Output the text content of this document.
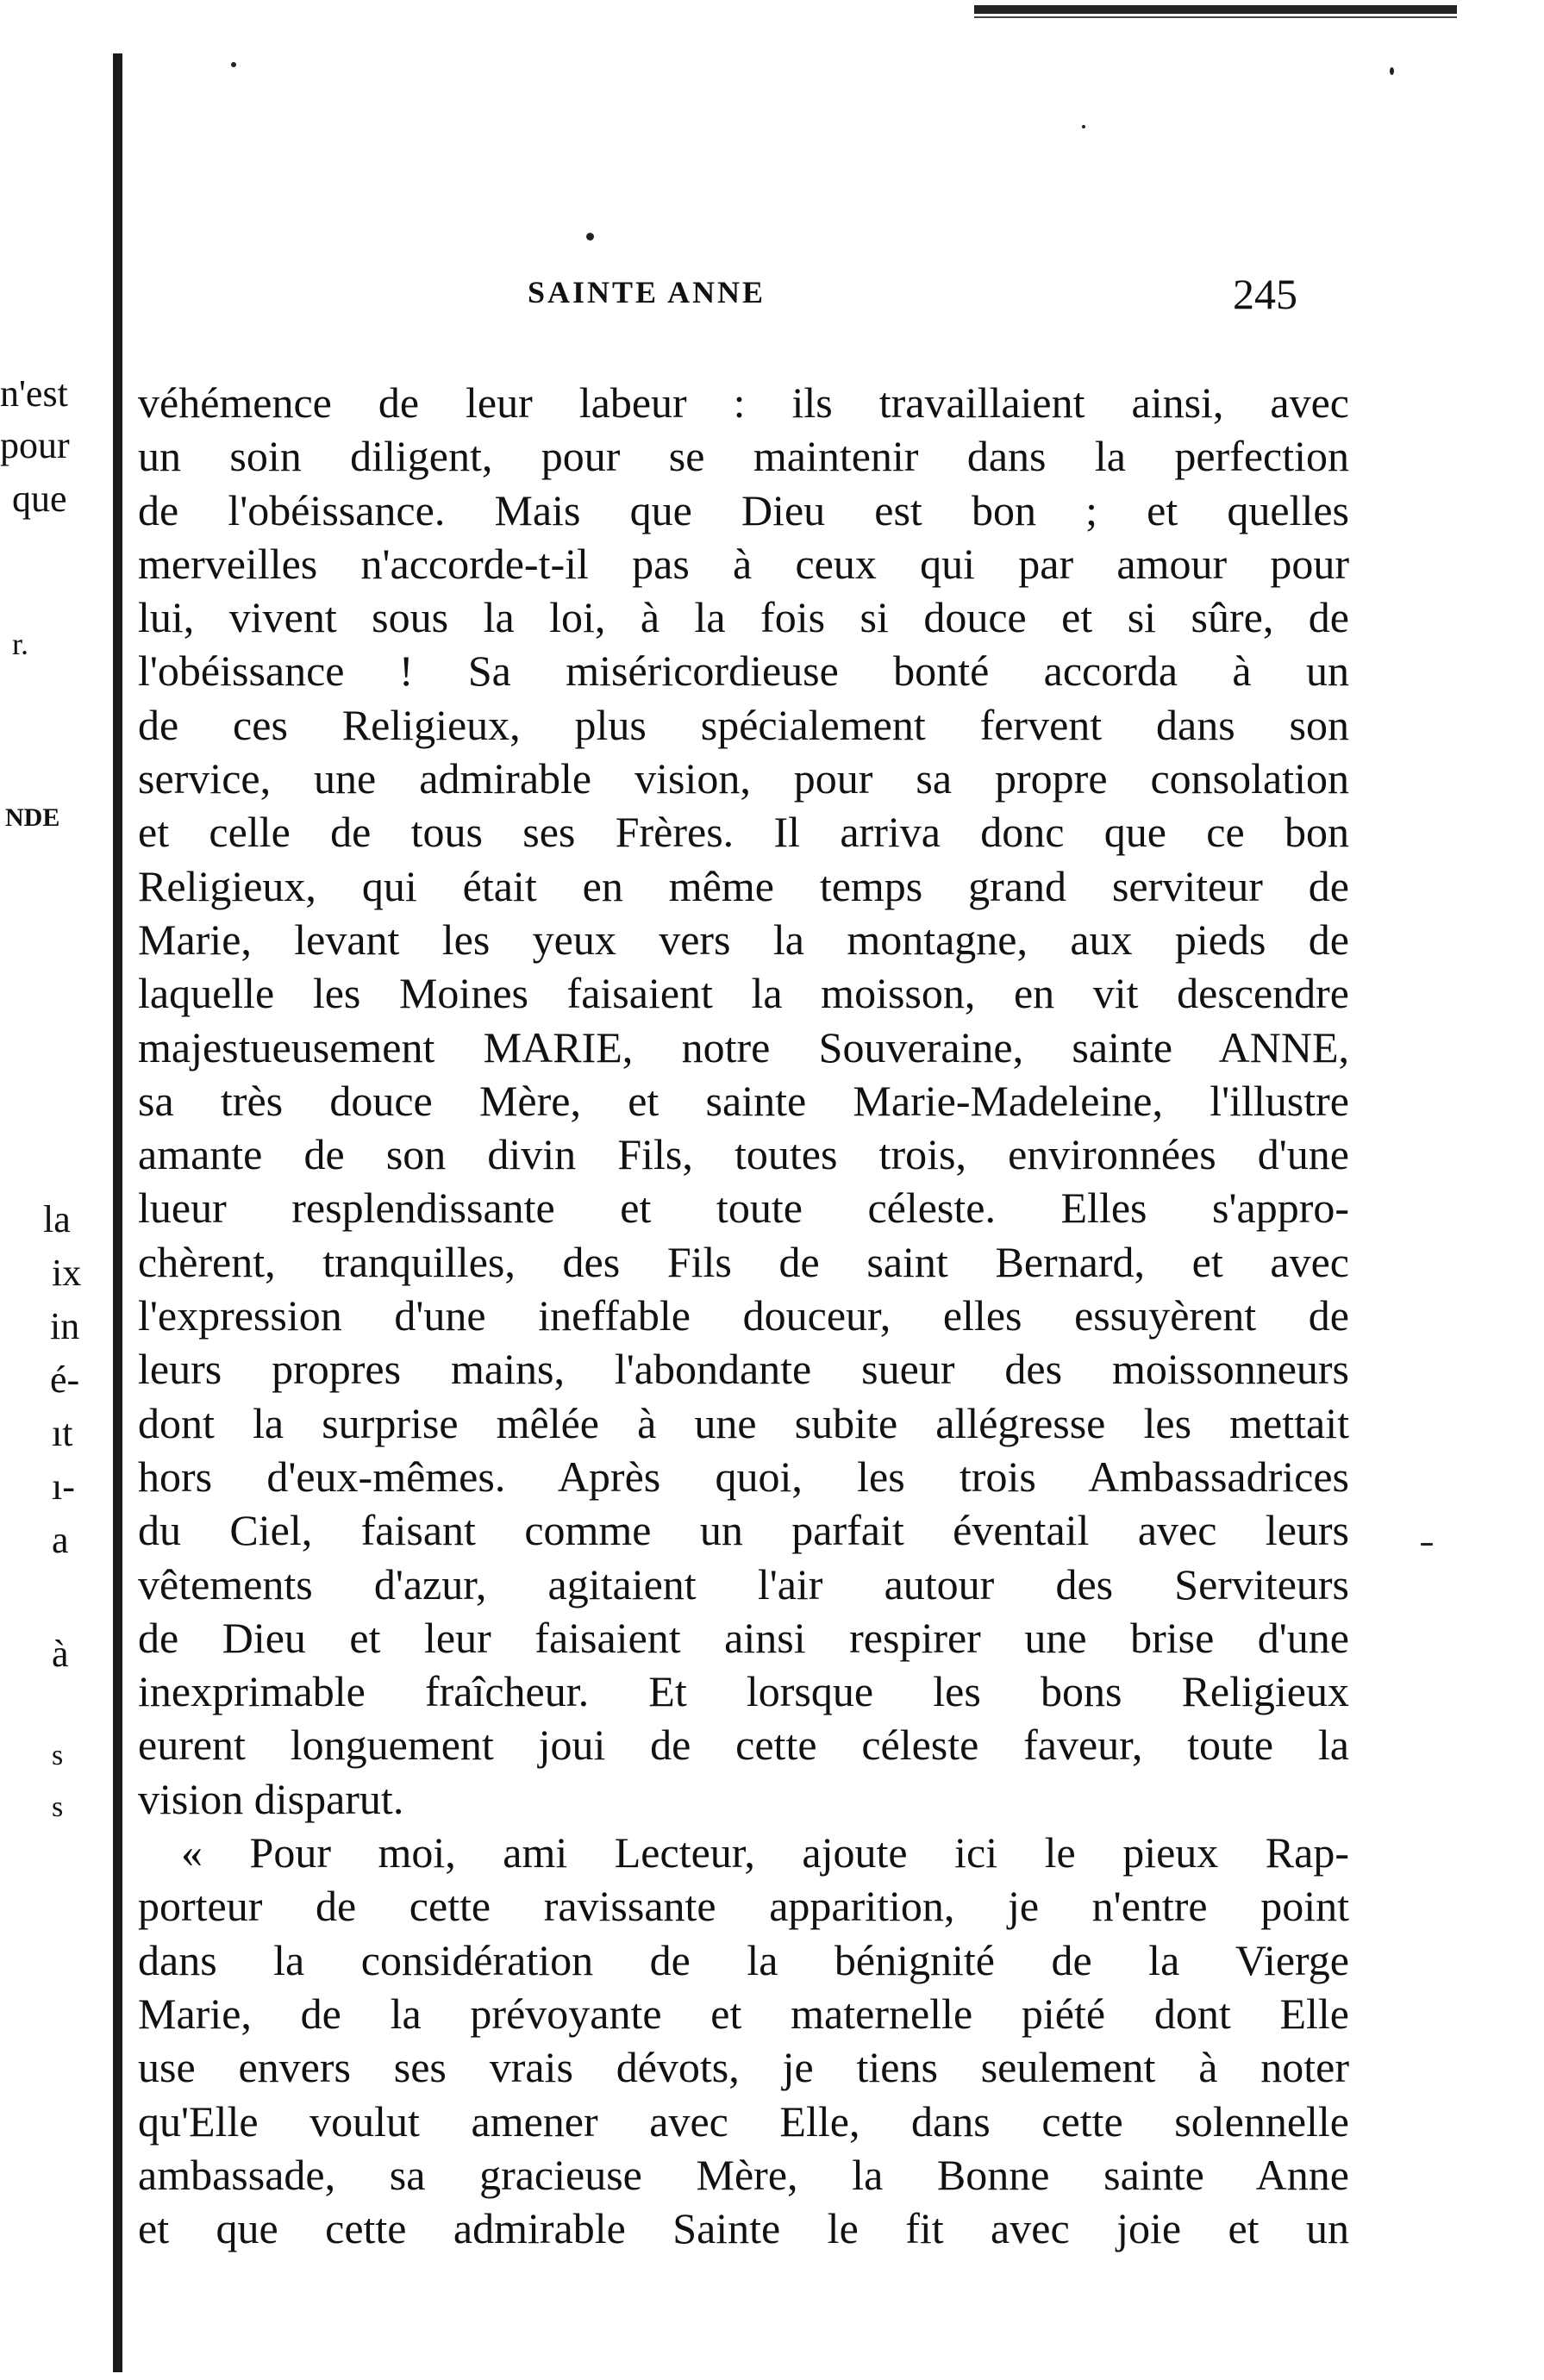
n'est
pour
que
r.
NDE
la
ix
in
é-
ıt
ı-
a
à
s
s
SAINTE ANNE	245
véhémence de leur labeur : ils travaillaient ainsi, avec
un soin diligent, pour se maintenir dans la perfection
de l'obéissance. Mais que Dieu est bon ; et quelles
merveilles n'accorde-t-il pas à ceux qui par amour pour
lui, vivent sous la loi, à la fois si douce et si sûre, de
l'obéissance ! Sa miséricordieuse bonté accorda à un
de ces Religieux, plus spécialement fervent dans son
service, une admirable vision, pour sa propre consolation
et celle de tous ses Frères. Il arriva donc que ce bon
Religieux, qui était en même temps grand serviteur de
Marie, levant les yeux vers la montagne, aux pieds de
laquelle les Moines faisaient la moisson, en vit descendre
majestueusement MARIE, notre Souveraine, sainte ANNE,
sa très douce Mère, et sainte Marie-Madeleine, l'illustre
amante de son divin Fils, toutes trois, environnées d'une
lueur resplendissante et toute céleste. Elles s'appro-
chèrent, tranquilles, des Fils de saint Bernard, et avec
l'expression d'une ineffable douceur, elles essuyèrent de
leurs propres mains, l'abondante sueur des moissonneurs
dont la surprise mêlée à une subite allégresse les mettait
hors d'eux-mêmes. Après quoi, les trois Ambassadrices
du Ciel, faisant comme un parfait éventail avec leurs
vêtements d'azur, agitaient l'air autour des Serviteurs
de Dieu et leur faisaient ainsi respirer une brise d'une
inexprimable fraîcheur. Et lorsque les bons Religieux
eurent longuement joui de cette céleste faveur, toute la
vision disparut.
« Pour moi, ami Lecteur, ajoute ici le pieux Rap-
porteur de cette ravissante apparition, je n'entre point
dans la considération de la bénignité de la Vierge
Marie, de la prévoyante et maternelle piété dont Elle
use envers ses vrais dévots, je tiens seulement à noter
qu'Elle voulut amener avec Elle, dans cette solennelle
ambassade, sa gracieuse Mère, la Bonne sainte Anne
et que cette admirable Sainte le fit avec joie et un
